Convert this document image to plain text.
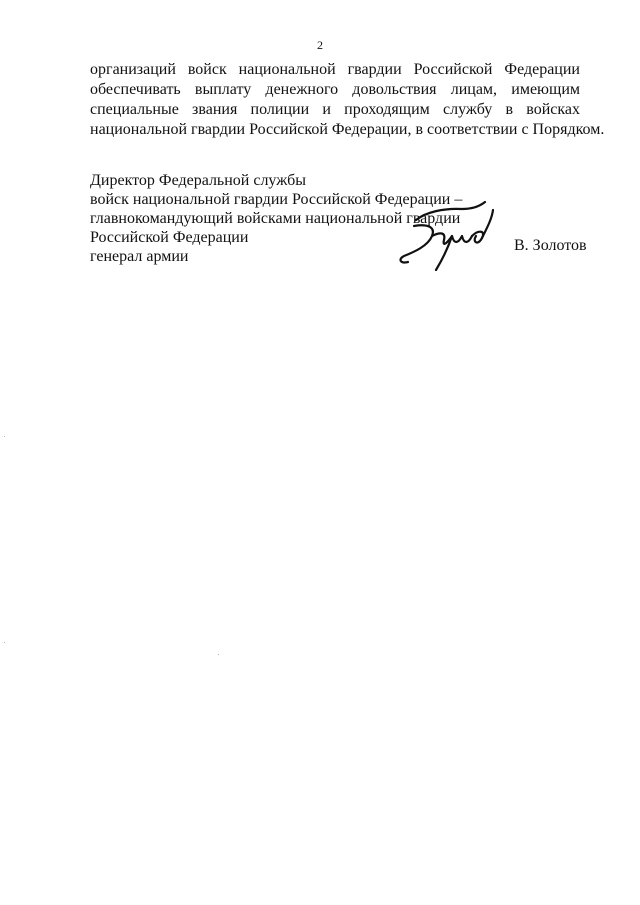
2
организаций войск национальной гвардии Российской Федерации
обеспечивать выплату денежного довольствия лицам, имеющим
специальные звания полиции и проходящим службу в войсках
национальной гвардии Российской Федерации, в соответствии с Порядком.
Директор Федеральной службы
войск национальной гвардии Российской Федерации –
главнокомандующий войсками национальной гвардии
Российской Федерации
генерал армии
В. Золотов
